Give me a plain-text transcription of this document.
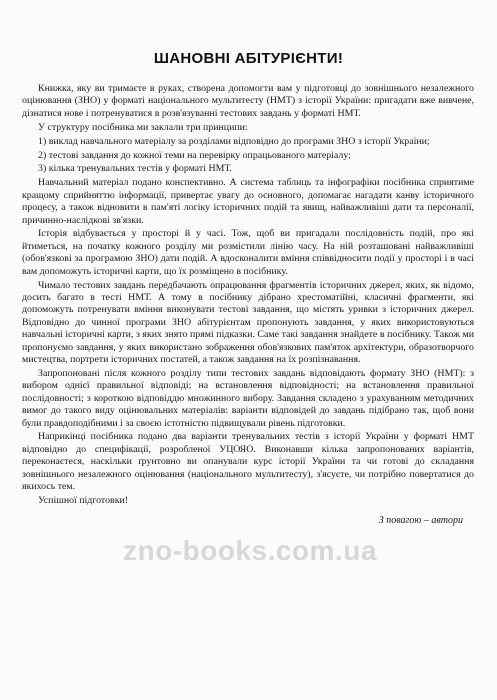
ШАНОВНІ АБІТУРІЄНТИ!

Книжка, яку ви тримаєте в руках, створена допомогти вам у підготовці до зовнішнього незалежного оцінювання (ЗНО) у форматі національного мультитесту (НМТ) з історії України: пригадати вже вивчене, дізнатися нове і потренуватися в розв'язуванні тестових завдань у форматі НМТ.

У структуру посібника ми заклали три принципи:

1) виклад навчального матеріалу за розділами відповідно до програми ЗНО з історії України;

2) тестові завдання до кожної теми на перевірку опрацьованого матеріалу;

3) кілька тренувальних тестів у форматі НМТ.

Навчальний матеріал подано конспективно. А система таблиць та інфографіки посібника сприятиме кращому сприйняттю інформації, привертає увагу до основного, допомагає нагадати канву історичного процесу, а також відновити в пам'яті логіку історичних подій та явищ, найважливіші дати та персоналії, причинно-наслідкові зв'язки.

Історія відбувається у просторі й у часі. Тож, щоб ви пригадали послідовність подій, про які йтиметься, на початку кожного розділу ми розмістили лінію часу. На ній розташовані найважливіші (обов'язкові за програмою ЗНО) дати подій. А вдосконалити вміння співвідносити події у просторі і в часі вам допоможуть історичні карти, що їх розміщено в посібнику.

Чимало тестових завдань передбачають опрацювання фрагментів історичних джерел, яких, як відомо, досить багато в тесті НМТ. А тому в посібнику дібрано хрестоматійні, класичні фрагменти, які допоможуть потренувати вміння виконувати тестові завдання, що містять уривки з історичних джерел. Відповідно до чинної програми ЗНО абітурієнтам пропонують завдання, у яких використовуються навчальні історичні карти, з яких знято прямі підказки. Саме такі завдання знайдете в посібнику. Також ми пропонуємо завдання, у яких використано зображення обов'язкових пам'яток архітектури, образотворчого мистецтва, портрети історичних постатей, а також завдання на їх розпізнавання.

Запропоновані після кожного розділу типи тестових завдань відповідають формату ЗНО (НМТ): з вибором однієї правильної відповіді; на встановлення відповідності; на встановлення правильної послідовності; з короткою відповіддю множинного вибору. Завдання складено з урахуванням методичних вимог до такого виду оцінювальних матеріалів: варіанти відповідей до завдань підібрано так, щоб вони були правдоподібними і за своєю істотністю підвищували рівень підготовки.

Наприкінці посібника подано два варіанти тренувальних тестів з історії України у форматі НМТ відповідно до специфікації, розробленої УЦОЯО. Виконавши кілька запропонованих варіантів, переконаєтеся, наскільки ґрунтовно ви опанували курс історії України та чи готові до складання зовнішнього незалежного оцінювання (національного мультитесту), з'ясуєте, чи потрібно повертатися до якихось тем.

Успішної підготовки!

З повагою – автори
zno-books.com.ua
